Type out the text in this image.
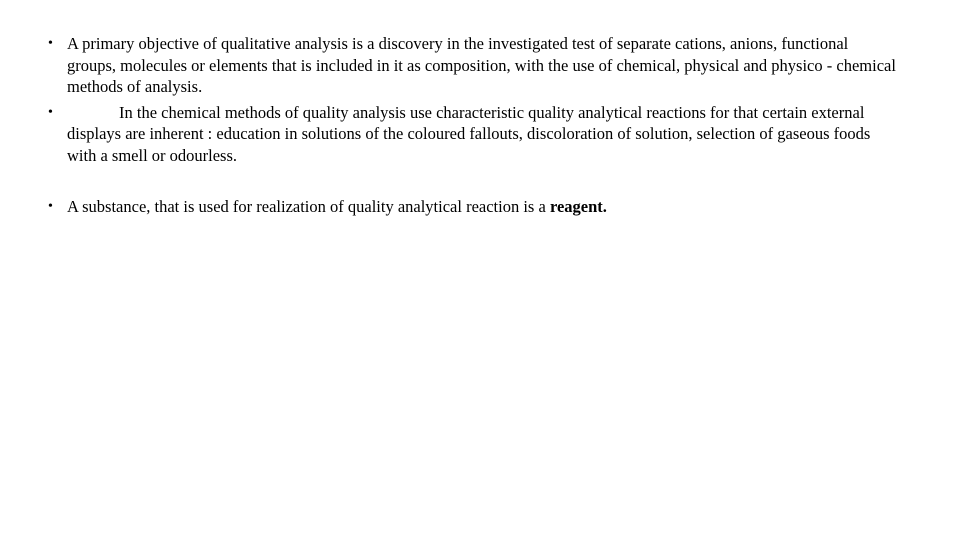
• A primary objective of qualitative analysis is a discovery in the investigated test of separate cations, anions, functional groups, molecules or elements that is included in it as composition, with the use of chemical, physical and physico - chemical methods of analysis.
•	In the chemical methods of quality analysis use characteristic quality analytical reactions for that certain external displays are inherent : education in solutions of the coloured fallouts, discoloration of solution, selection of gaseous foods with a smell or odourless.
• A substance, that is used for realization of quality analytical reaction is a reagent.
